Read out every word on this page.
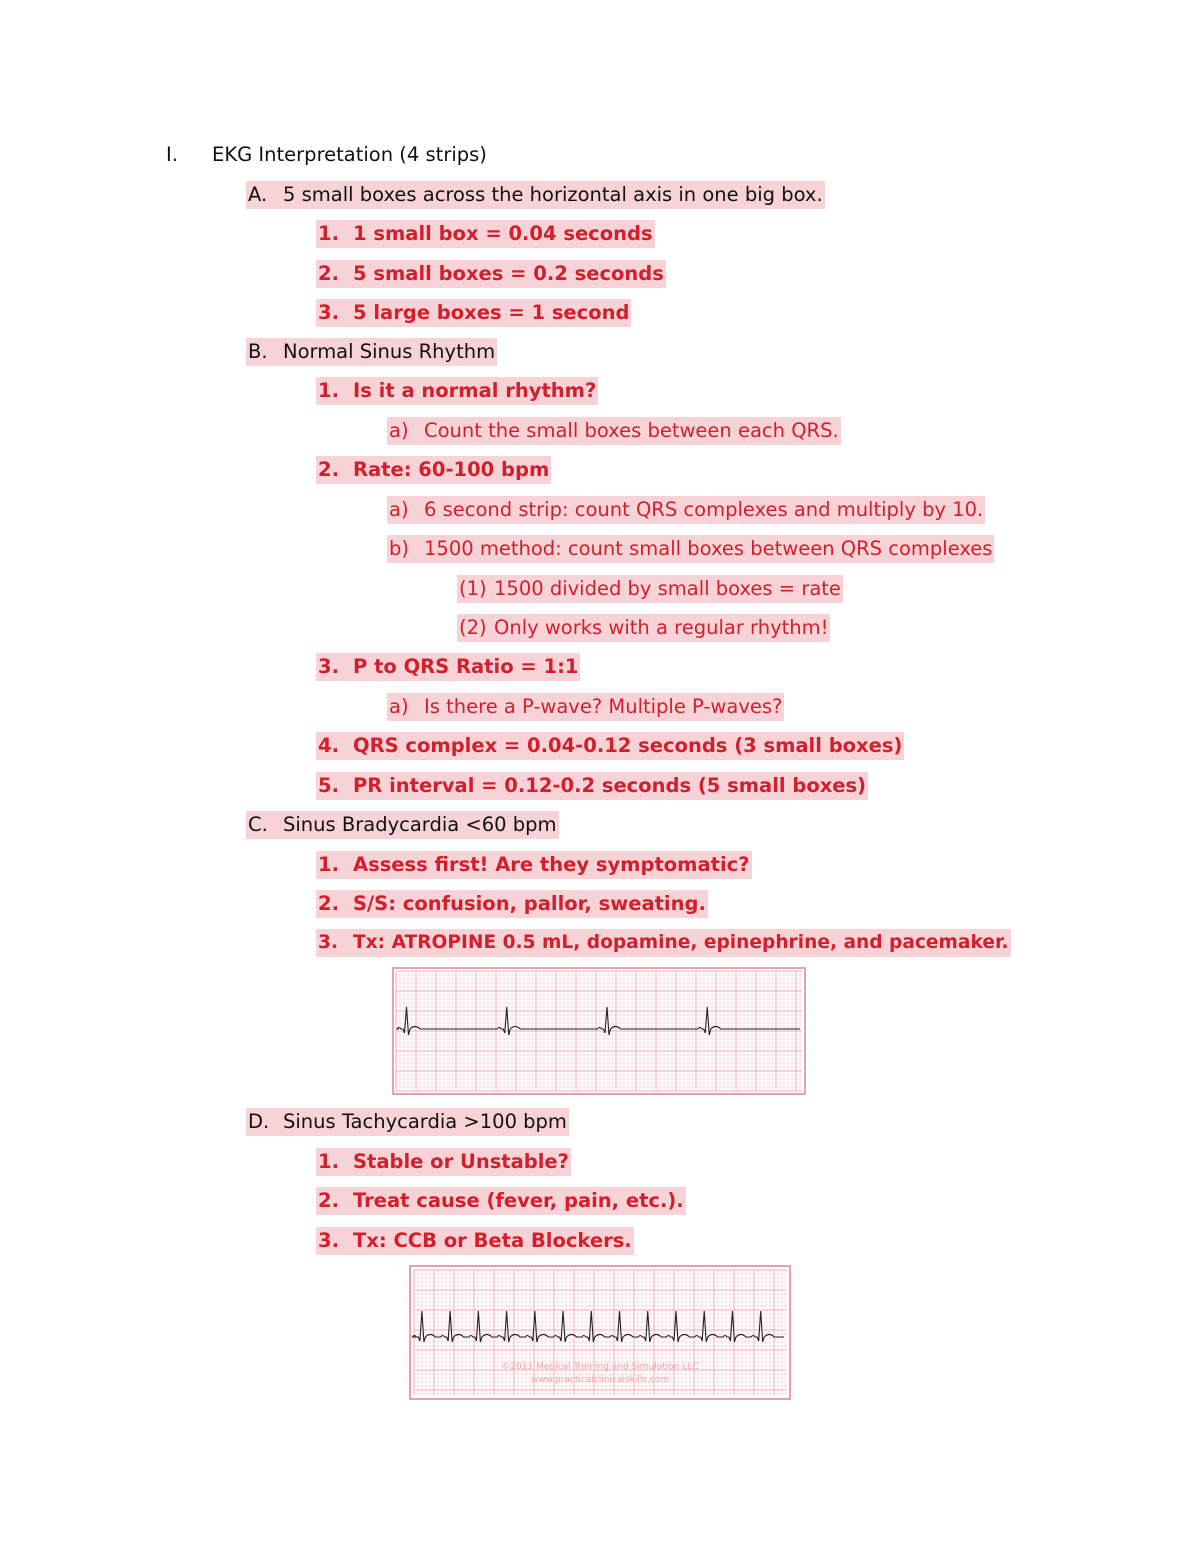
I. EKG Interpretation (4 strips)
A. 5 small boxes across the horizontal axis in one big box.
1. 1 small box = 0.04 seconds
2. 5 small boxes = 0.2 seconds
3. 5 large boxes = 1 second
B. Normal Sinus Rhythm
1. Is it a normal rhythm?
a) Count the small boxes between each QRS.
2. Rate: 60-100 bpm
a) 6 second strip: count QRS complexes and multiply by 10.
b) 1500 method: count small boxes between QRS complexes
(1) 1500 divided by small boxes = rate
(2) Only works with a regular rhythm!
3. P to QRS Ratio = 1:1
a) Is there a P-wave? Multiple P-waves?
4. QRS complex = 0.04-0.12 seconds (3 small boxes)
5. PR interval = 0.12-0.2 seconds (5 small boxes)
C. Sinus Bradycardia <60 bpm
1. Assess first! Are they symptomatic?
2. S/S: confusion, pallor, sweating.
3. Tx: ATROPINE 0.5 mL, dopamine, epinephrine, and pacemaker.
D. Sinus Tachycardia >100 bpm
1. Stable or Unstable?
2. Treat cause (fever, pain, etc.).
3. Tx: CCB or Beta Blockers.
©2011 Medical Training and Simulation LLC
www.practicalclinicalskills.com
